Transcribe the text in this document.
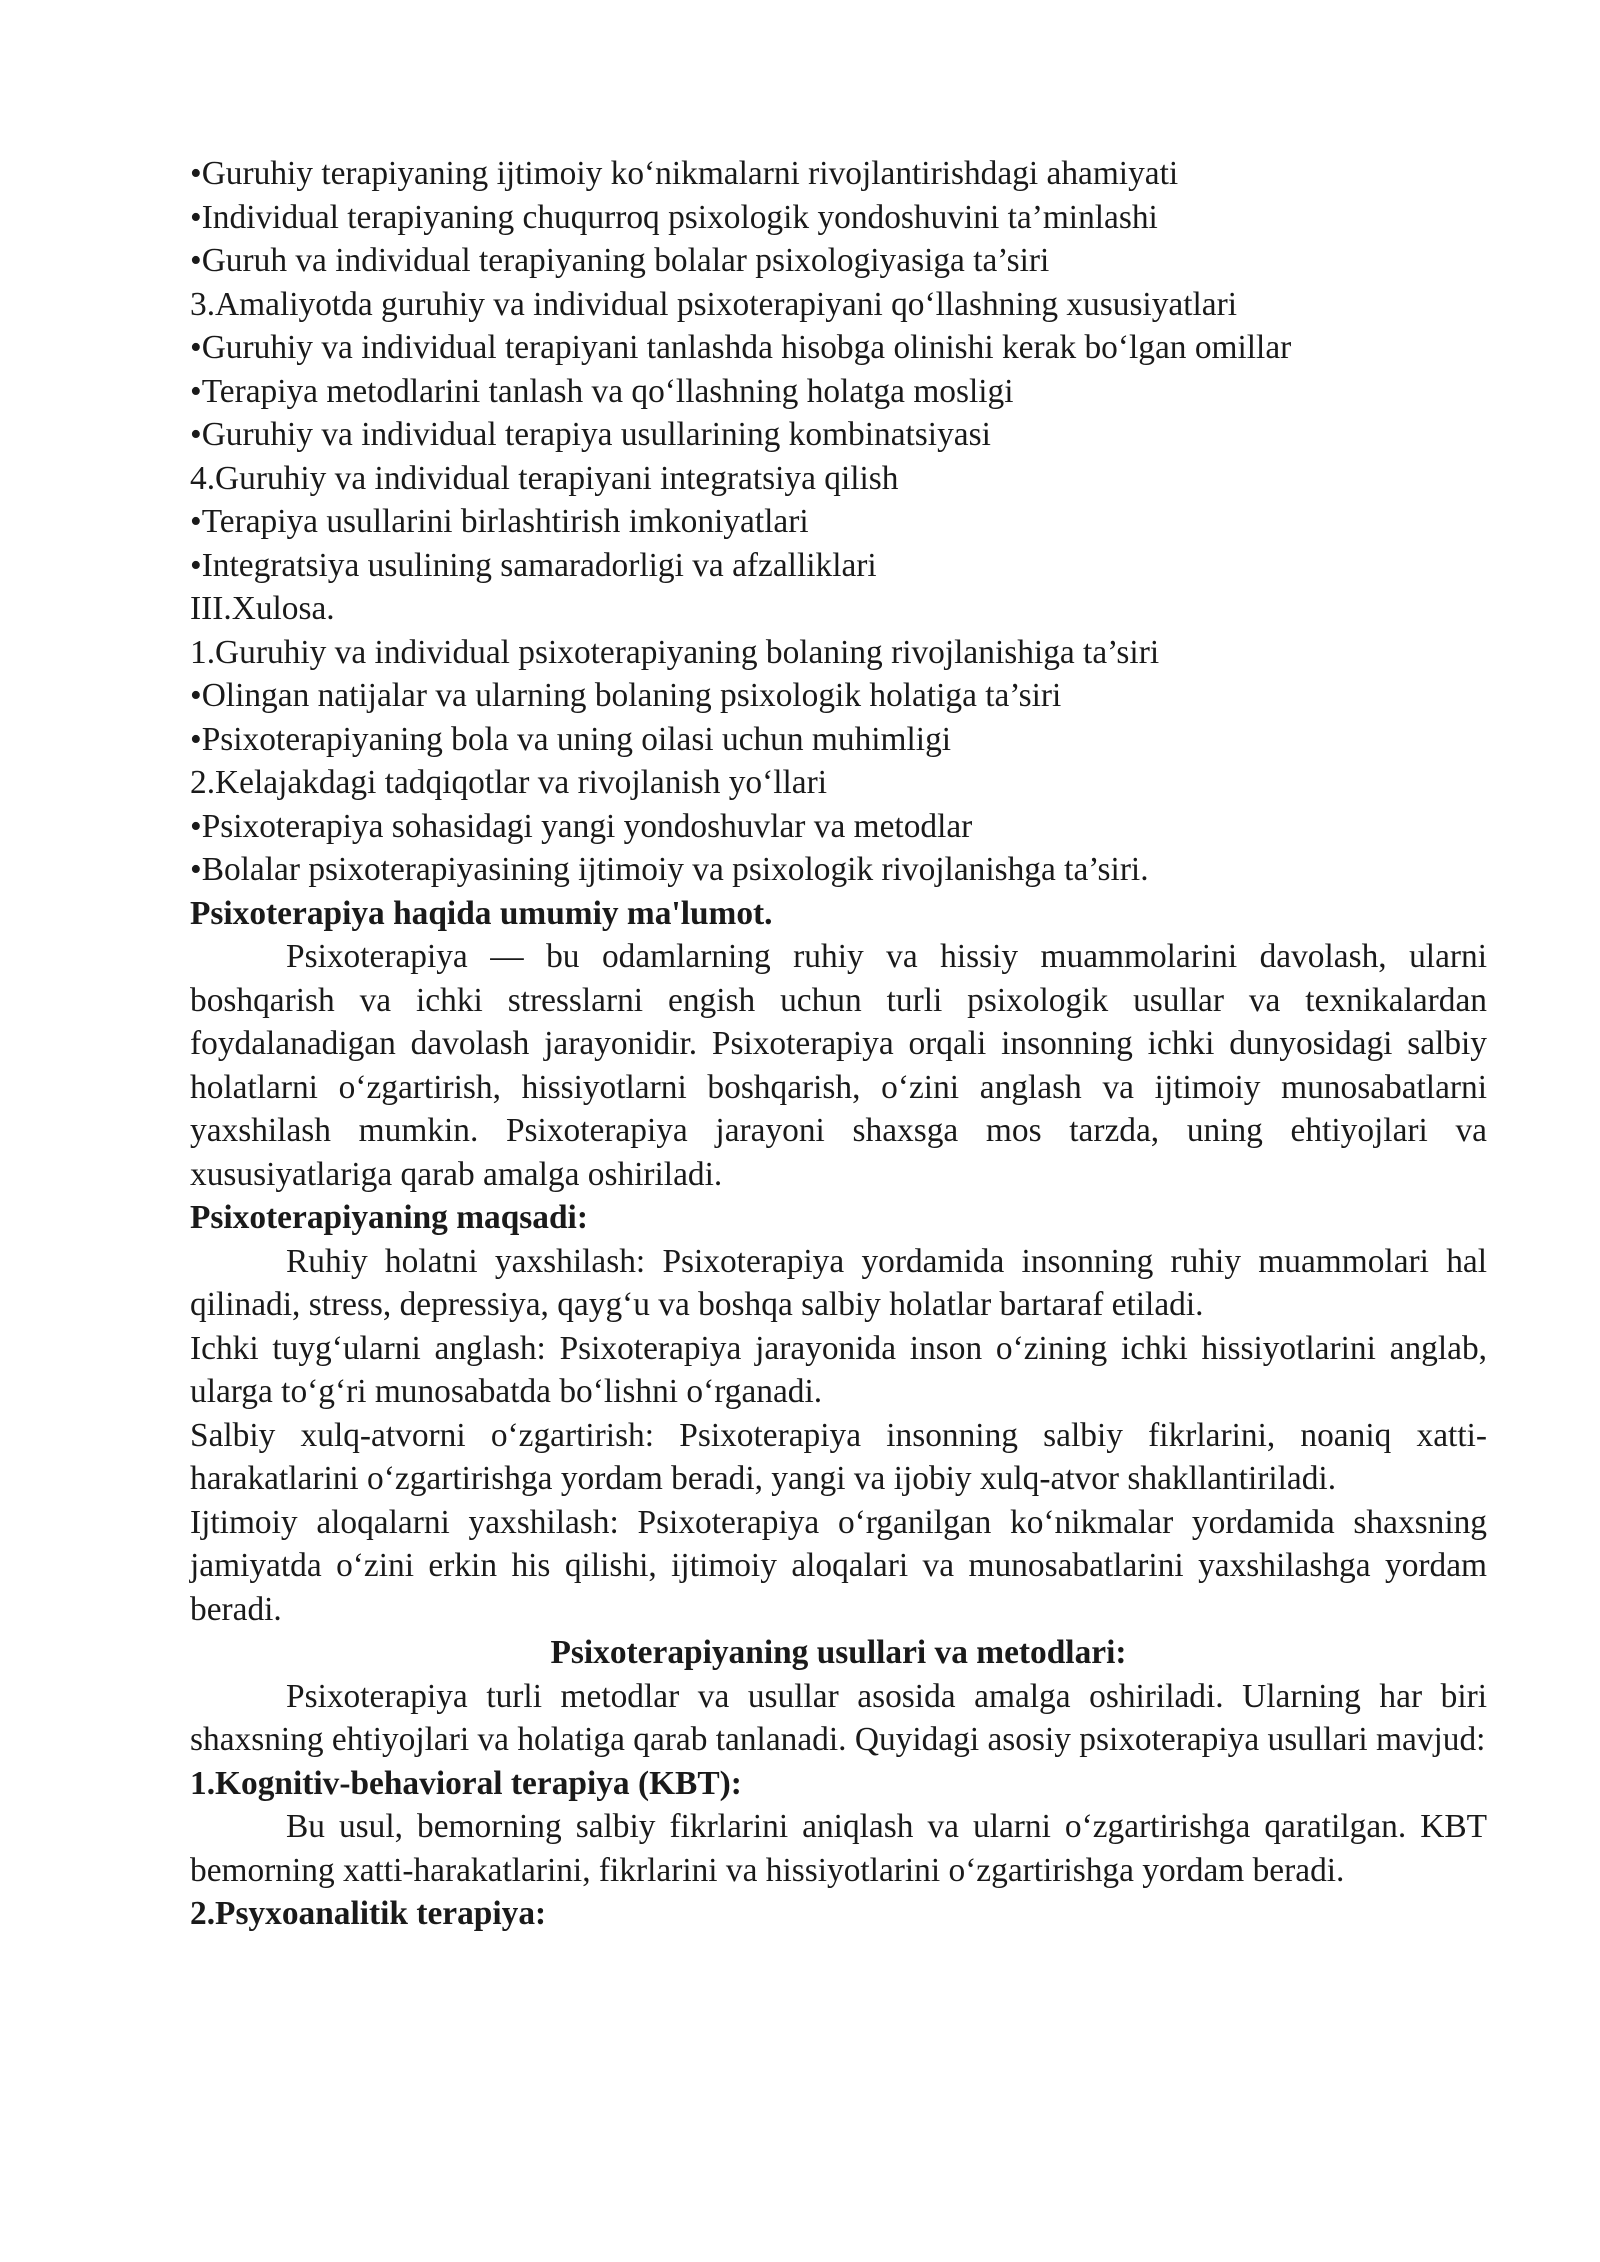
•Guruhiy terapiyaning ijtimoiy ko‘nikmalarni rivojlantirishdagi ahamiyati

•Individual terapiyaning chuqurroq psixologik yondoshuvini ta’minlashi

•Guruh va individual terapiyaning bolalar psixologiyasiga ta’siri

3.Amaliyotda guruhiy va individual psixoterapiyani qo‘llashning xususiyatlari

•Guruhiy va individual terapiyani tanlashda hisobga olinishi kerak bo‘lgan omillar

•Terapiya metodlarini tanlash va qo‘llashning holatga mosligi

•Guruhiy va individual terapiya usullarining kombinatsiyasi

4.Guruhiy va individual terapiyani integratsiya qilish

•Terapiya usullarini birlashtirish imkoniyatlari

•Integratsiya usulining samaradorligi va afzalliklari

III.Xulosa.

1.Guruhiy va individual psixoterapiyaning bolaning rivojlanishiga ta’siri

•Olingan natijalar va ularning bolaning psixologik holatiga ta’siri

•Psixoterapiyaning bola va uning oilasi uchun muhimligi

2.Kelajakdagi tadqiqotlar va rivojlanish yo‘llari

•Psixoterapiya sohasidagi yangi yondoshuvlar va metodlar

•Bolalar psixoterapiyasining ijtimoiy va psixologik rivojlanishga ta’siri.

Psixoterapiya haqida umumiy ma'lumot.

Psixoterapiya — bu odamlarning ruhiy va hissiy muammolarini davolash, ularni boshqarish va ichki stresslarni engish uchun turli psixologik usullar va texnikalardan foydalanadigan davolash jarayonidir. Psixoterapiya orqali insonning ichki dunyosidagi salbiy holatlarni o‘zgartirish, hissiyotlarni boshqarish, o‘zini anglash va ijtimoiy munosabatlarni yaxshilash mumkin. Psixoterapiya jarayoni shaxsga mos tarzda, uning ehtiyojlari va xususiyatlariga qarab amalga oshiriladi.

Psixoterapiyaning maqsadi:

Ruhiy holatni yaxshilash: Psixoterapiya yordamida insonning ruhiy muammolari hal qilinadi, stress, depressiya, qayg‘u va boshqa salbiy holatlar bartaraf etiladi.

Ichki tuyg‘ularni anglash: Psixoterapiya jarayonida inson o‘zining ichki hissiyotlarini anglab, ularga to‘g‘ri munosabatda bo‘lishni o‘rganadi.

Salbiy xulq-atvorni o‘zgartirish: Psixoterapiya insonning salbiy fikrlarini, noaniq xatti-harakatlarini o‘zgartirishga yordam beradi, yangi va ijobiy xulq-atvor shakllantiriladi.

Ijtimoiy aloqalarni yaxshilash: Psixoterapiya o‘rganilgan ko‘nikmalar yordamida shaxsning jamiyatda o‘zini erkin his qilishi, ijtimoiy aloqalari va munosabatlarini yaxshilashga yordam beradi.

Psixoterapiyaning usullari va metodlari:

Psixoterapiya turli metodlar va usullar asosida amalga oshiriladi. Ularning har biri shaxsning ehtiyojlari va holatiga qarab tanlanadi. Quyidagi asosiy psixoterapiya usullari mavjud:

1.Kognitiv-behavioral terapiya (KBT):

Bu usul, bemorning salbiy fikrlarini aniqlash va ularni o‘zgartirishga qaratilgan. KBT bemorning xatti-harakatlarini, fikrlarini va hissiyotlarini o‘zgartirishga yordam beradi.

2.Psyxoanalitik terapiya:
